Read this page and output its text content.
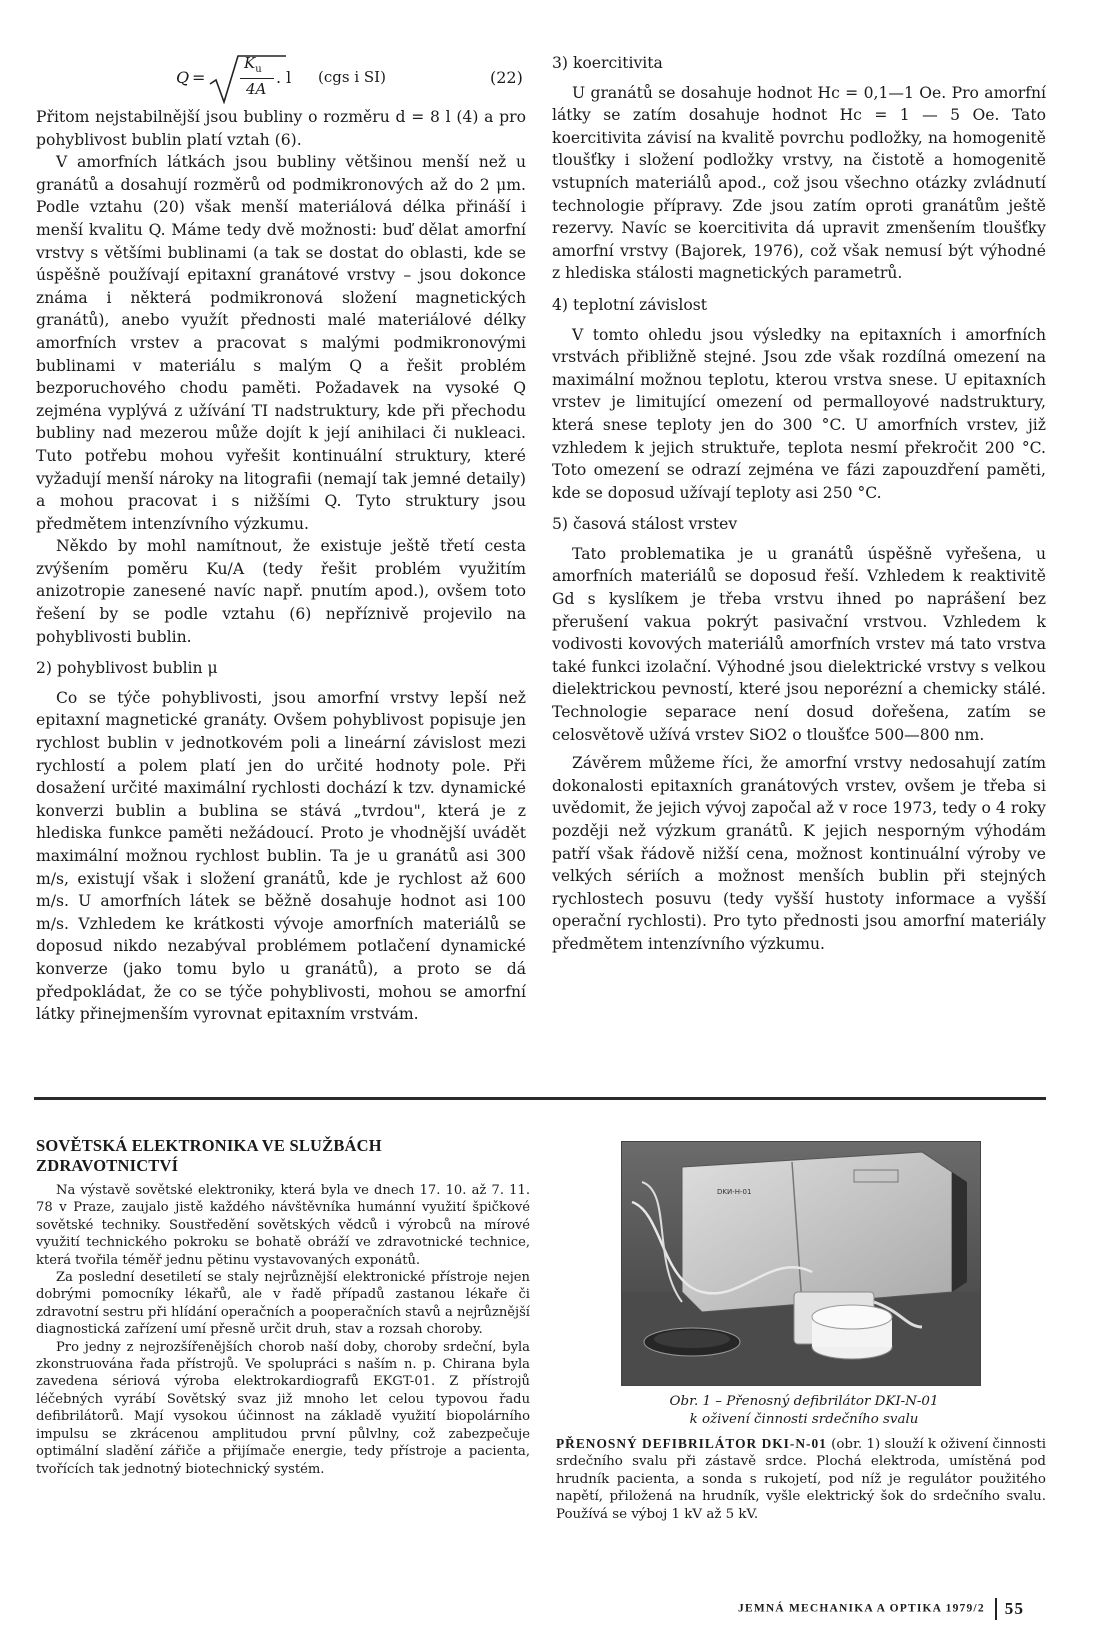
Q =
$K_u$
4A
. l (cgs i SI)	(22)

Přitom nejstabilnější jsou bubliny o rozměru d = 8 l (4) a pro pohyblivost bublin platí vztah (6).

V amorfních látkách jsou bubliny většinou menší než u granátů a dosahují rozměrů od podmikronových až do 2 μm. Podle vztahu (20) však menší materiálová délka přináší i menší kvalitu Q. Máme tedy dvě možnosti: buď dělat amorfní vrstvy s většími bublinami (a tak se dostat do oblasti, kde se úspěšně používají epitaxní granátové vrstvy – jsou dokonce známa i některá podmikronová složení magnetických granátů), anebo využít přednosti malé materiálové délky amorfních vrstev a pracovat s malými podmikronovými bublinami v materiálu s malým Q a řešit problém bezporuchového chodu paměti. Požadavek na vysoké Q zejména vyplývá z užívání TI nadstruktury, kde při přechodu bubliny nad mezerou může dojít k její anihilaci či nukleaci. Tuto potřebu mohou vyřešit kontinuální struktury, které vyžadují menší nároky na litografii (nemají tak jemné detaily) a mohou pracovat i s nižšími Q. Tyto struktury jsou předmětem intenzívního výzkumu.

Někdo by mohl namítnout, že existuje ještě třetí cesta zvýšením poměru Ku/A (tedy řešit problém využitím anizotropie zanesené navíc např. pnutím apod.), ovšem toto řešení by se podle vztahu (6) nepříznivě projevilo na pohyblivosti bublin.

2) pohyblivost bublin μ

Co se týče pohyblivosti, jsou amorfní vrstvy lepší než epitaxní magnetické granáty. Ovšem pohyblivost popisuje jen rychlost bublin v jednotkovém poli a lineární závislost mezi rychlostí a polem platí jen do určité hodnoty pole. Při dosažení určité maximální rychlosti dochází k tzv. dynamické konverzi bublin a bublina se stává „tvrdou", která je z hlediska funkce paměti nežádoucí. Proto je vhodnější uvádět maximální možnou rychlost bublin. Ta je u granátů asi 300 m/s, existují však i složení granátů, kde je rychlost až 600 m/s. U amorfních látek se běžně dosahuje hodnot asi 100 m/s. Vzhledem ke krátkosti vývoje amorfních materiálů se doposud nikdo nezabýval problémem potlačení dynamické konverze (jako tomu bylo u granátů), a proto se dá předpokládat, že co se týče pohyblivosti, mohou se amorfní látky přinejmenším vyrovnat epitaxním vrstvám.

3) koercitivita

U granátů se dosahuje hodnot Hc = 0,1—1 Oe. Pro amorfní látky se zatím dosahuje hodnot Hc = 1 — 5 Oe. Tato koercitivita závisí na kvalitě povrchu podložky, na homogenitě tloušťky i složení podložky vrstvy, na čistotě a homogenitě vstupních materiálů apod., což jsou všechno otázky zvládnutí technologie přípravy. Zde jsou zatím oproti granátům ještě rezervy. Navíc se koercitivita dá upravit zmenšením tloušťky amorfní vrstvy (Bajorek, 1976), což však nemusí být výhodné z hlediska stálosti magnetických parametrů.

4) teplotní závislost

V tomto ohledu jsou výsledky na epitaxních i amorfních vrstvách přibližně stejné. Jsou zde však rozdílná omezení na maximální možnou teplotu, kterou vrstva snese. U epitaxních vrstev je limitující omezení od permalloyové nadstruktury, která snese teploty jen do 300 °C. U amorfních vrstev, již vzhledem k jejich struktuře, teplota nesmí překročit 200 °C. Toto omezení se odrazí zejména ve fázi zapouzdření paměti, kde se doposud užívají teploty asi 250 °C.

5) časová stálost vrstev

Tato problematika je u granátů úspěšně vyřešena, u amorfních materiálů se doposud řeší. Vzhledem k reaktivitě Gd s kyslíkem je třeba vrstvu ihned po naprášení bez přerušení vakua pokrýt pasivační vrstvou. Vzhledem k vodivosti kovových materiálů amorfních vrstev má tato vrstva také funkci izolační. Výhodné jsou dielektrické vrstvy s velkou dielektrickou pevností, které jsou neporézní a chemicky stálé. Technologie separace není dosud dořešena, zatím se celosvětově užívá vrstev SiO2 o tloušťce 500—800 nm.

Závěrem můžeme říci, že amorfní vrstvy nedosahují zatím dokonalosti epitaxních granátových vrstev, ovšem je třeba si uvědomit, že jejich vývoj započal až v roce 1973, tedy o 4 roky později než výzkum granátů. K jejich nesporným výhodám patří však řádově nižší cena, možnost kontinuální výroby ve velkých sériích a možnost menších bublin při stejných rychlostech posuvu (tedy vyšší hustoty informace a vyšší operační rychlosti). Pro tyto přednosti jsou amorfní materiály předmětem intenzívního výzkumu.

SOVĚTSKÁ ELEKTRONIKA VE SLUŽBÁCH
ZDRAVOTNICTVÍ

Na výstavě sovětské elektroniky, která byla ve dnech 17. 10. až 7. 11. 78 v Praze, zaujalo jistě každého návštěvníka humánní využití špičkové sovětské techniky. Soustředění sovětských vědců i výrobců na mírové využití technického pokroku se bohatě obráží ve zdravotnické technice, která tvořila téměř jednu pětinu vystavovaných exponátů.

Za poslední desetiletí se staly nejrůznější elektronické přístroje nejen dobrými pomocníky lékařů, ale v řadě případů zastanou lékaře či zdravotní sestru při hlídání operačních a pooperačních stavů a nejrůznější diagnostická zařízení umí přesně určit druh, stav a rozsah choroby.

Pro jedny z nejrozšířenějších chorob naší doby, choroby srdeční, byla zkonstruována řada přístrojů. Ve spolupráci s naším n. p. Chirana byla zavedena sériová výroba elektrokardiografů EKGT-01. Z přístrojů léčebných vyrábí Sovětský svaz již mnoho let celou typovou řadu defibrilátorů. Mají vysokou účinnost na základě využití biopolárního impulsu se zkrácenou amplitudou první půlvlny, což zabezpečuje optimální sladění zářiče a přijímače energie, tedy přístroje a pacienta, tvořících tak jednotný biotechnický systém.

DKИ-Н-01
Obr. 1 – Přenosný defibrilátor DKI-N-01
k oživení činnosti srdečního svalu
PŘENOSNÝ DEFIBRILÁTOR DKI-N-01 (obr. 1) slouží k oživení činnosti srdečního svalu při zástavě srdce. Plochá elektroda, umístěná pod hrudník pacienta, a sonda s rukojetí, pod níž je regulátor použitého napětí, přiložená na hrudník, vyšle elektrický šok do srdečního svalu. Používá se výboj 1 kV až 5 kV.
JEMNÁ MECHANIKA A OPTIKA 1979/2 55
